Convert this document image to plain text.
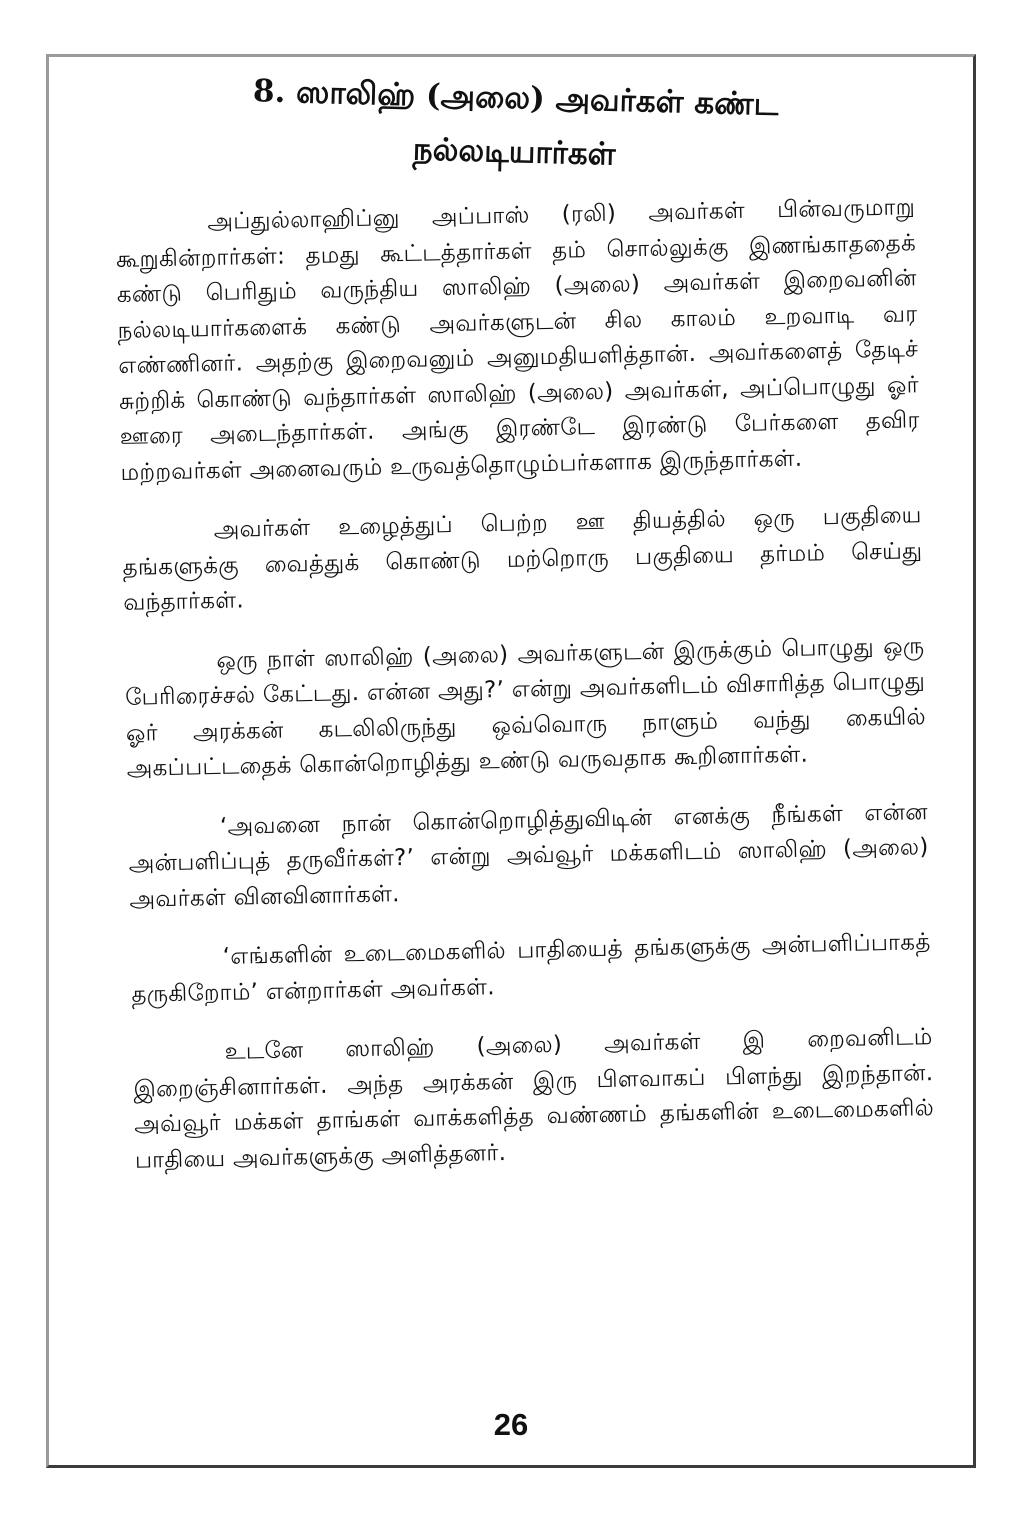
8. ஸாலிஹ் (அலை) அவர்கள் கண்ட
நல்லடியார்கள்

அப்துல்லாஹிப்னு அப்பாஸ் (ரலி) அவர்கள் பின்வருமாறு கூறுகின்றார்கள்: தமது கூட்டத்தார்கள் தம் சொல்லுக்கு இணங்காததைக் கண்டு பெரிதும் வருந்திய ஸாலிஹ் (அலை) அவர்கள் இறைவனின் நல்லடியார்களைக் கண்டு அவர்களுடன் சில காலம் உறவாடி வர எண்ணினர். அதற்கு இறைவனும் அனுமதியளித்தான். அவர்களைத் தேடிச் சுற்றிக் கொண்டு வந்தார்கள் ஸாலிஹ் (அலை) அவர்கள், அப்பொழுது ஓர் ஊரை அடைந்தார்கள். அங்கு இரண்டே இரண்டு பேர்களை தவிர மற்றவர்கள் அனைவரும் உருவத்தொழும்பர்களாக இருந்தார்கள்.

அவர்கள் உழைத்துப் பெற்ற ஊ தியத்தில் ஒரு பகுதியை தங்களுக்கு வைத்துக் கொண்டு மற்றொரு பகுதியை தர்மம் செய்து வந்தார்கள்.

ஒரு நாள் ஸாலிஹ் (அலை) அவர்களுடன் இருக்கும் பொழுது ஒரு பேரிரைச்சல் கேட்டது. என்ன அது?’ என்று அவர்களிடம் விசாரித்த பொழுது ஓர் அரக்கன் கடலிலிருந்து ஒவ்வொரு நாளும் வந்து கையில் அகப்பட்டதைக் கொன்றொழித்து உண்டு வருவதாக கூறினார்கள்.

‘அவனை நான் கொன்றொழித்துவிடின் எனக்கு நீங்கள் என்ன அன்பளிப்புத் தருவீர்கள்?’ என்று அவ்வூர் மக்களிடம் ஸாலிஹ் (அலை) அவர்கள் வினவினார்கள்.

‘எங்களின் உடைமைகளில் பாதியைத் தங்களுக்கு அன்பளிப்பாகத் தருகிறோம்’ என்றார்கள் அவர்கள்.

உடனே ஸாலிஹ் (அலை) அவர்கள் இ றைவனிடம் இறைஞ்சினார்கள். அந்த அரக்கன் இரு பிளவாகப் பிளந்து இறந்தான். அவ்வூர் மக்கள் தாங்கள் வாக்களித்த வண்ணம் தங்களின் உடைமைகளில் பாதியை அவர்களுக்கு அளித்தனர்.

26
